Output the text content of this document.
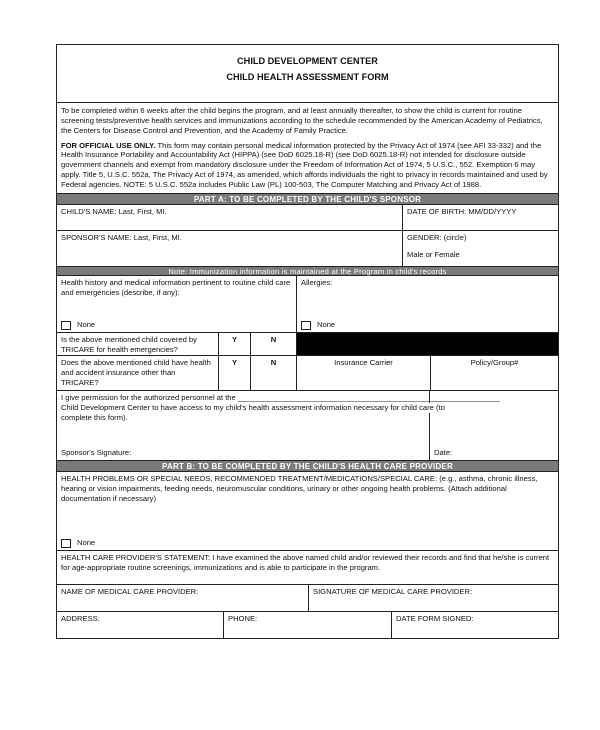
CHILD DEVELOPMENT CENTER
CHILD HEALTH ASSESSMENT FORM

To be completed within 6 weeks after the child begins the program, and at least annually thereafter, to show the child is current for routine screening tests/preventive health services and immunizations according to the schedule recommended by the American Academy of Pediatrics, the Centers for Disease Control and Prevention, and the Academy of Family Practice.

FOR OFFICIAL USE ONLY. This form may contain personal medical information protected by the Privacy Act of 1974 (see AFI 33-332) and the Health Insurance Portability and Accountability Act (HIPPA) (see DoD 6025.18-R) (see DoD 6025.18-R) not intended for disclosure outside government channels and exempt from mandatory disclosure under the Freedom of Information Act of 1974, 5 U.S.C., 552. Exemption 6 may apply. Title 5, U.S.C. 552a, The Privacy Act of 1974, as amended, which affords individuals the right to privacy in records maintained and used by Federal agencies. NOTE: 5 U.S.C. 552a includes Public Law (PL) 100-503, The Computer Matching and Privacy Act of 1988.

PART A: TO BE COMPLETED BY THE CHILD'S SPONSOR
CHILD'S NAME: Last, First, MI.	DATE OF BIRTH: MM/DD/YYYY
SPONSOR'S NAME: Last, First, MI.	GENDER: (circle)
Male or Female
Note: Immunization information is maintained at the Program in child's records
Health history and medical information pertinent to routine child care and emergencies (describe, if any):
None
Allergies:
None
Is the above mentioned child covered by TRICARE for health emergencies?
Y	N
Does the above mentioned child have health and accident insurance other than TRICARE?
Y	N	Insurance Carrier	Policy/Group#
I give permission for the authorized personnel at the ______________________________________________________________
Child Development Center to have access to my child's health assessment information necessary for child care (to
complete this form).
Sponsor's Signature:	Date:
PART B: TO BE COMPLETED BY THE CHILD'S HEALTH CARE PROVIDER
HEALTH PROBLEMS OR SPECIAL NEEDS, RECOMMENDED TREATMENT/MEDICATIONS/SPECIAL CARE: (e.g., asthma, chronic illness, hearing or vision impairments, feeding needs, neuromuscular conditions, urinary or other ongoing health problems. (Attach additional documentation if necessary)
None
HEALTH CARE PROVIDER'S STATEMENT: I have examined the above named child and/or reviewed their records and find that he/she is current for age-appropriate routine screenings, immunizations and is able to participate in the program.
NAME OF MEDICAL CARE PROVIDER:	SIGNATURE OF MEDICAL CARE PROVIDER:
ADDRESS:	PHONE:	DATE FORM SIGNED:
